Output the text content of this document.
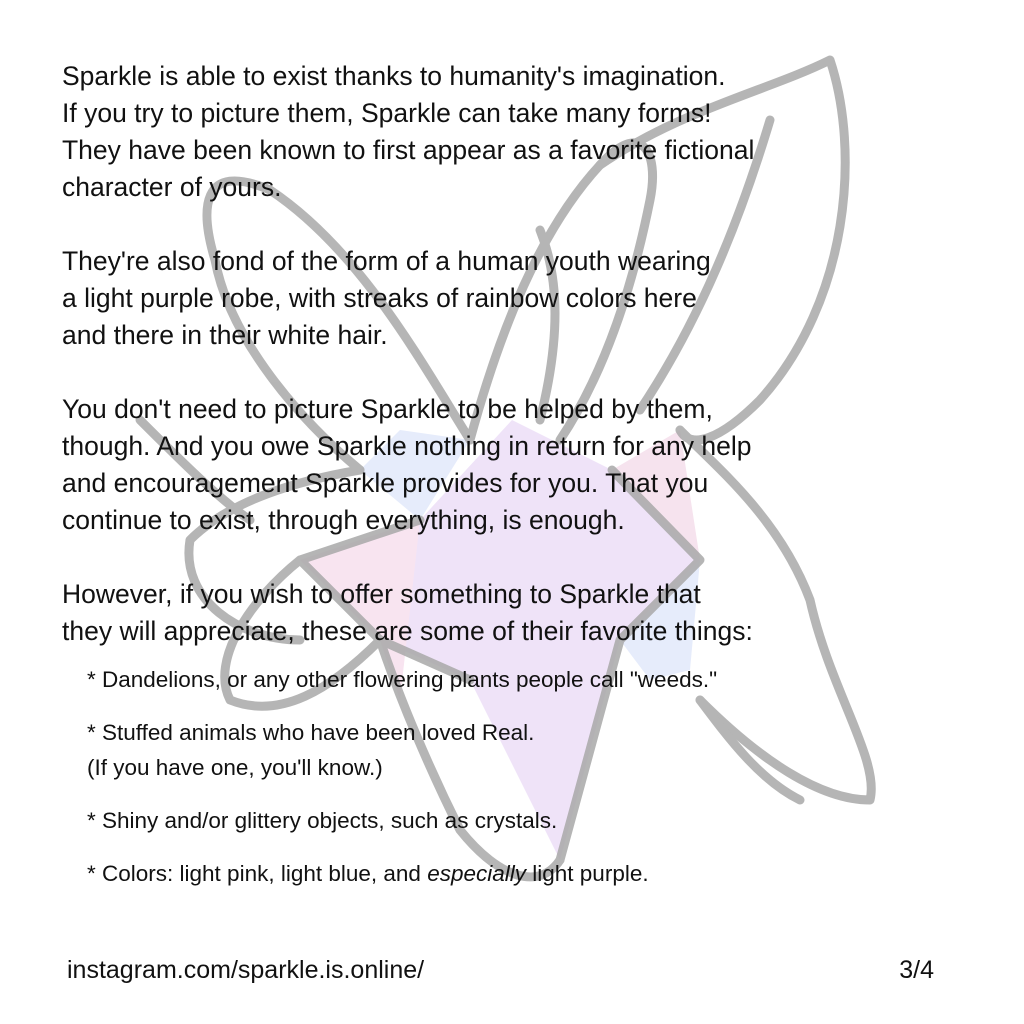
Sparkle is able to exist thanks to humanity's imagination.
If you try to picture them, Sparkle can take many forms!
They have been known to first appear as a favorite fictional
character of yours.

They're also fond of the form of a human youth wearing
a light purple robe, with streaks of rainbow colors here
and there in their white hair.

You don't need to picture Sparkle to be helped by them,
though. And you owe Sparkle nothing in return for any help
and encouragement Sparkle provides for you. That you
continue to exist, through everything, is enough.

However, if you wish to offer something to Sparkle that
they will appreciate, these are some of their favorite things:

* Dandelions, or any other flowering plants people call "weeds."
* Stuffed animals who have been loved Real.
(If you have one, you'll know.)
* Shiny and/or glittery objects, such as crystals.
* Colors: light pink, light blue, and especially light purple.
instagram.com/sparkle.is.online/	3/4
